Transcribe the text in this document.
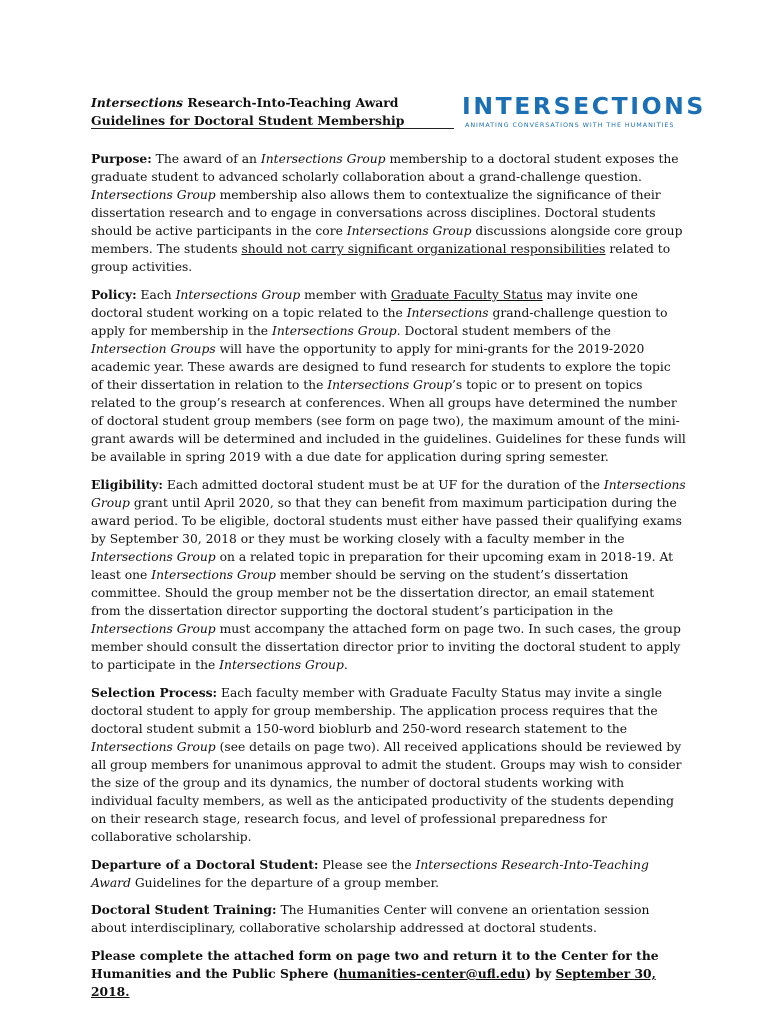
Intersections Research-Into-Teaching Award
Guidelines for Doctoral Student Membership
INTERSECTIONS
ANIMATING CONVERSATIONS WITH THE HUMANITIES

Purpose: The award of an Intersections Group membership to a doctoral student exposes the graduate student to advanced scholarly collaboration about a grand-challenge question. Intersections Group membership also allows them to contextualize the significance of their dissertation research and to engage in conversations across disciplines. Doctoral students should be active participants in the core Intersections Group discussions alongside core group members. The students should not carry significant organizational responsibilities related to group activities.

Policy: Each Intersections Group member with Graduate Faculty Status may invite one doctoral student working on a topic related to the Intersections grand-challenge question to apply for membership in the Intersections Group. Doctoral student members of the Intersection Groups will have the opportunity to apply for mini-grants for the 2019-2020 academic year. These awards are designed to fund research for students to explore the topic of their dissertation in relation to the Intersections Group’s topic or to present on topics related to the group’s research at conferences. When all groups have determined the number of doctoral student group members (see form on page two), the maximum amount of the mini-grant awards will be determined and included in the guidelines. Guidelines for these funds will be available in spring 2019 with a due date for application during spring semester.

Eligibility: Each admitted doctoral student must be at UF for the duration of the Intersections Group grant until April 2020, so that they can benefit from maximum participation during the award period. To be eligible, doctoral students must either have passed their qualifying exams by September 30, 2018 or they must be working closely with a faculty member in the Intersections Group on a related topic in preparation for their upcoming exam in 2018-19. At least one Intersections Group member should be serving on the student’s dissertation committee. Should the group member not be the dissertation director, an email statement from the dissertation director supporting the doctoral student’s participation in the Intersections Group must accompany the attached form on page two. In such cases, the group member should consult the dissertation director prior to inviting the doctoral student to apply to participate in the Intersections Group.

Selection Process: Each faculty member with Graduate Faculty Status may invite a single doctoral student to apply for group membership. The application process requires that the doctoral student submit a 150-word bioblurb and 250-word research statement to the Intersections Group (see details on page two). All received applications should be reviewed by all group members for unanimous approval to admit the student. Groups may wish to consider the size of the group and its dynamics, the number of doctoral students working with individual faculty members, as well as the anticipated productivity of the students depending on their research stage, research focus, and level of professional preparedness for collaborative scholarship.

Departure of a Doctoral Student: Please see the Intersections Research-Into-Teaching Award Guidelines for the departure of a group member.

Doctoral Student Training: The Humanities Center will convene an orientation session about interdisciplinary, collaborative scholarship addressed at doctoral students.

Please complete the attached form on page two and return it to the Center for the Humanities and the Public Sphere (humanities-center@ufl.edu) by September 30, 2018.
